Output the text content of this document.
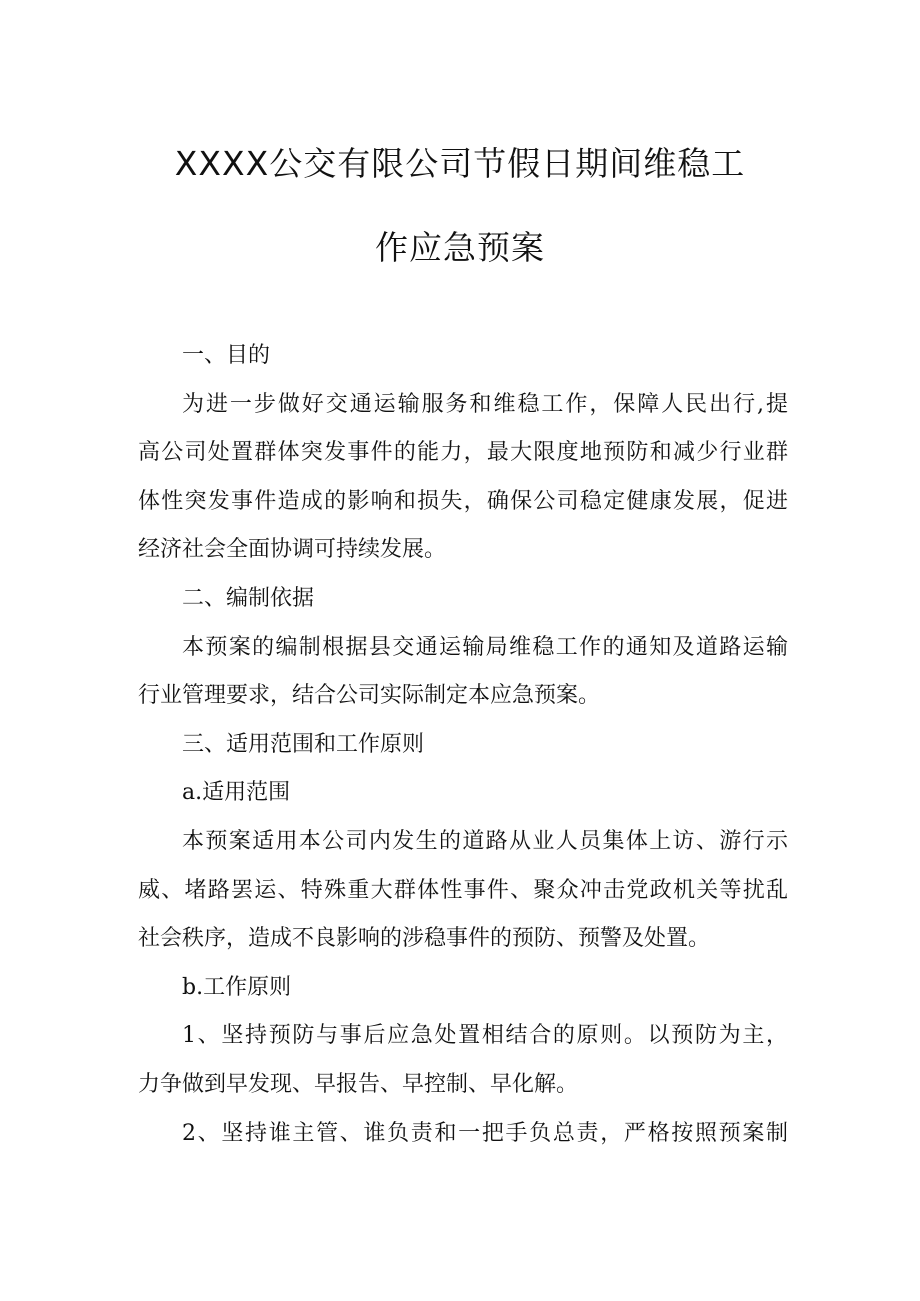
XXXX公交有限公司节假日期间维稳工
作应急预案
一、目的
为进一步做好交通运输服务和维稳工作，保障人民出行,提
高公司处置群体突发事件的能力，最大限度地预防和减少行业群
体性突发事件造成的影响和损失，确保公司稳定健康发展，促进
经济社会全面协调可持续发展。
二、编制依据
本预案的编制根据县交通运输局维稳工作的通知及道路运输
行业管理要求，结合公司实际制定本应急预案。
三、适用范围和工作原则
a.适用范围
本预案适用本公司内发生的道路从业人员集体上访、游行示
威、堵路罢运、特殊重大群体性事件、聚众冲击党政机关等扰乱
社会秩序，造成不良影响的涉稳事件的预防、预警及处置。
b.工作原则
1、坚持预防与事后应急处置相结合的原则。以预防为主，
力争做到早发现、早报告、早控制、早化解。
2、坚持谁主管、谁负责和一把手负总责，严格按照预案制
